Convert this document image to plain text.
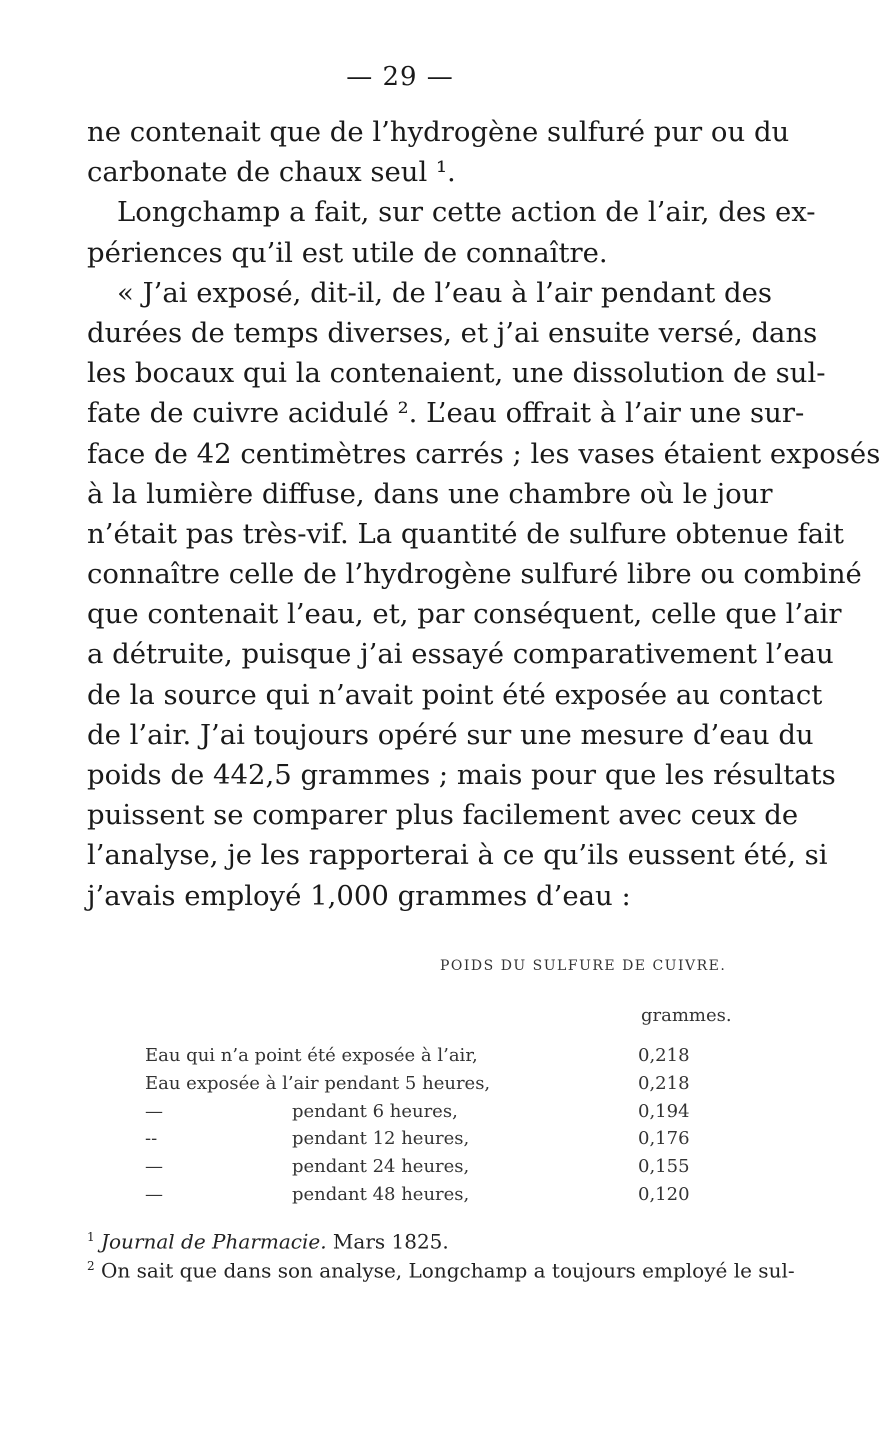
— 29 —
ne contenait que de l’hydrogène sulfuré pur ou du
carbonate de chaux seul ¹.
Longchamp a fait, sur cette action de l’air, des ex-
périences qu’il est utile de connaître.
« J’ai exposé, dit-il, de l’eau à l’air pendant des
durées de temps diverses, et j’ai ensuite versé, dans
les bocaux qui la contenaient, une dissolution de sul-
fate de cuivre acidulé ². L’eau offrait à l’air une sur-
face de 42 centimètres carrés ; les vases étaient exposés
à la lumière diffuse, dans une chambre où le jour
n’était pas très-vif. La quantité de sulfure obtenue fait
connaître celle de l’hydrogène sulfuré libre ou combiné
que contenait l’eau, et, par conséquent, celle que l’air
a détruite, puisque j’ai essayé comparativement l’eau
de la source qui n’avait point été exposée au contact
de l’air. J’ai toujours opéré sur une mesure d’eau du
poids de 442,5 grammes ; mais pour que les résultats
puissent se comparer plus facilement avec ceux de
l’analyse, je les rapporterai à ce qu’ils eussent été, si
j’avais employé 1,000 grammes d’eau :
POIDS DU SULFURE DE CUIVRE.
grammes.
Eau qui n’a point été exposée à l’air,	0,218
Eau exposée à l’air pendant 5 heures,	0,218
—	pendant 6 heures,	0,194
--	pendant 12 heures,	0,176
—	pendant 24 heures,	0,155
—	pendant 48 heures,	0,120
$^1$ Journal de Pharmacie. Mars 1825.
$^2$ On sait que dans son analyse, Longchamp a toujours employé le sul-
